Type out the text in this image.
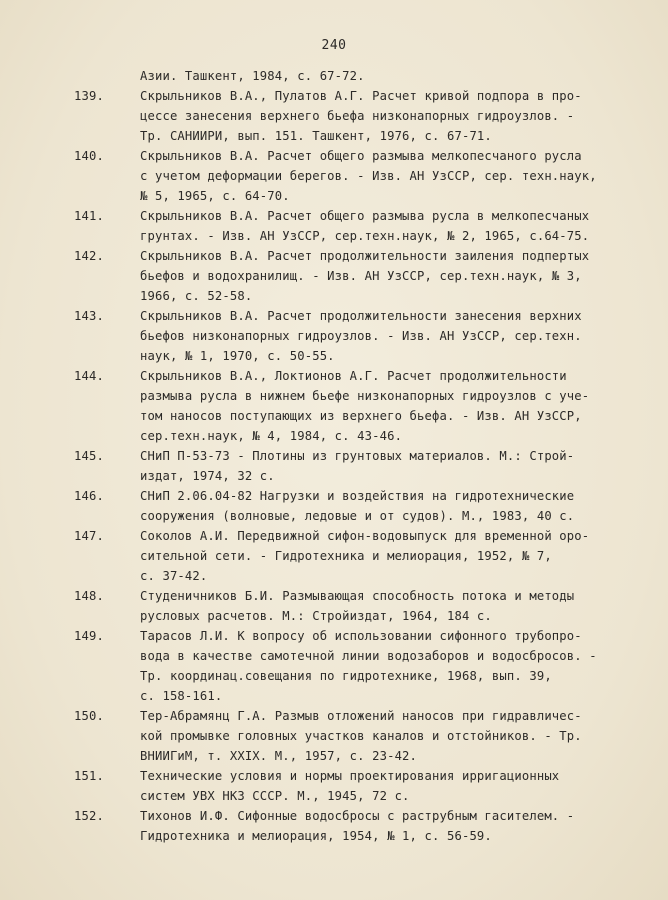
240
Азии. Ташкент, 1984, с. 67-72.
139.	Скрыльников В.А., Пулатов А.Г. Расчет кривой подпора в про-
цессе занесения верхнего бьефа низконапорных гидроузлов. -
Тр. САНИИРИ, вып. 151. Ташкент, 1976, с. 67-71.
140.	Скрыльников В.А. Расчет общего размыва мелкопесчаного русла
с учетом деформации берегов. - Изв. АН УзССР, сер. техн.наук,
№ 5, 1965, с. 64-70.
141.	Скрыльников В.А. Расчет общего размыва русла в мелкопесчаных
грунтах. - Изв. АН УзССР, сер.техн.наук, № 2, 1965, с.64-75.
142.	Скрыльников В.А. Расчет продолжительности заиления подпертых
бьефов и водохранилищ. - Изв. АН УзССР, сер.техн.наук, № 3,
1966, с. 52-58.
143.	Скрыльников В.А. Расчет продолжительности занесения верхних
бьефов низконапорных гидроузлов. - Изв. АН УзССР, сер.техн.
наук, № 1, 1970, с. 50-55.
144.	Скрыльников В.А., Локтионов А.Г. Расчет продолжительности
размыва русла в нижнем бьефе низконапорных гидроузлов с уче-
том наносов поступающих из верхнего бьефа. - Изв. АН УзССР,
сер.техн.наук, № 4, 1984, с. 43-46.
145.	СНиП П-53-73 - Плотины из грунтовых материалов. М.: Строй-
издат, 1974, 32 с.
146.	СНиП 2.06.04-82 Нагрузки и воздействия на гидротехнические
сооружения (волновые, ледовые и от судов). М., 1983, 40 с.
147.	Соколов А.И. Передвижной сифон-водовыпуск для временной оро-
сительной сети. - Гидротехника и мелиорация, 1952, № 7,
с. 37-42.
148.	Студеничников Б.И. Размывающая способность потока и методы
русловых расчетов. М.: Стройиздат, 1964, 184 с.
149.	Тарасов Л.И. К вопросу об использовании сифонного трубопро-
вода в качестве самотечной линии водозаборов и водосбросов. -
Тр. координац.совещания по гидротехнике, 1968, вып. 39,
с. 158-161.
150.	Тер-Абрамянц Г.А. Размыв отложений наносов при гидравличес-
кой промывке головных участков каналов и отстойников. - Тр.
ВНИИГиМ, т. XXIX. М., 1957, с. 23-42.
151.	Технические условия и нормы проектирования ирригационных
систем УВХ НКЗ СССР. М., 1945, 72 с.
152.	Тихонов И.Ф. Сифонные водосбросы с раструбным гасителем. -
Гидротехника и мелиорация, 1954, № 1, с. 56-59.
